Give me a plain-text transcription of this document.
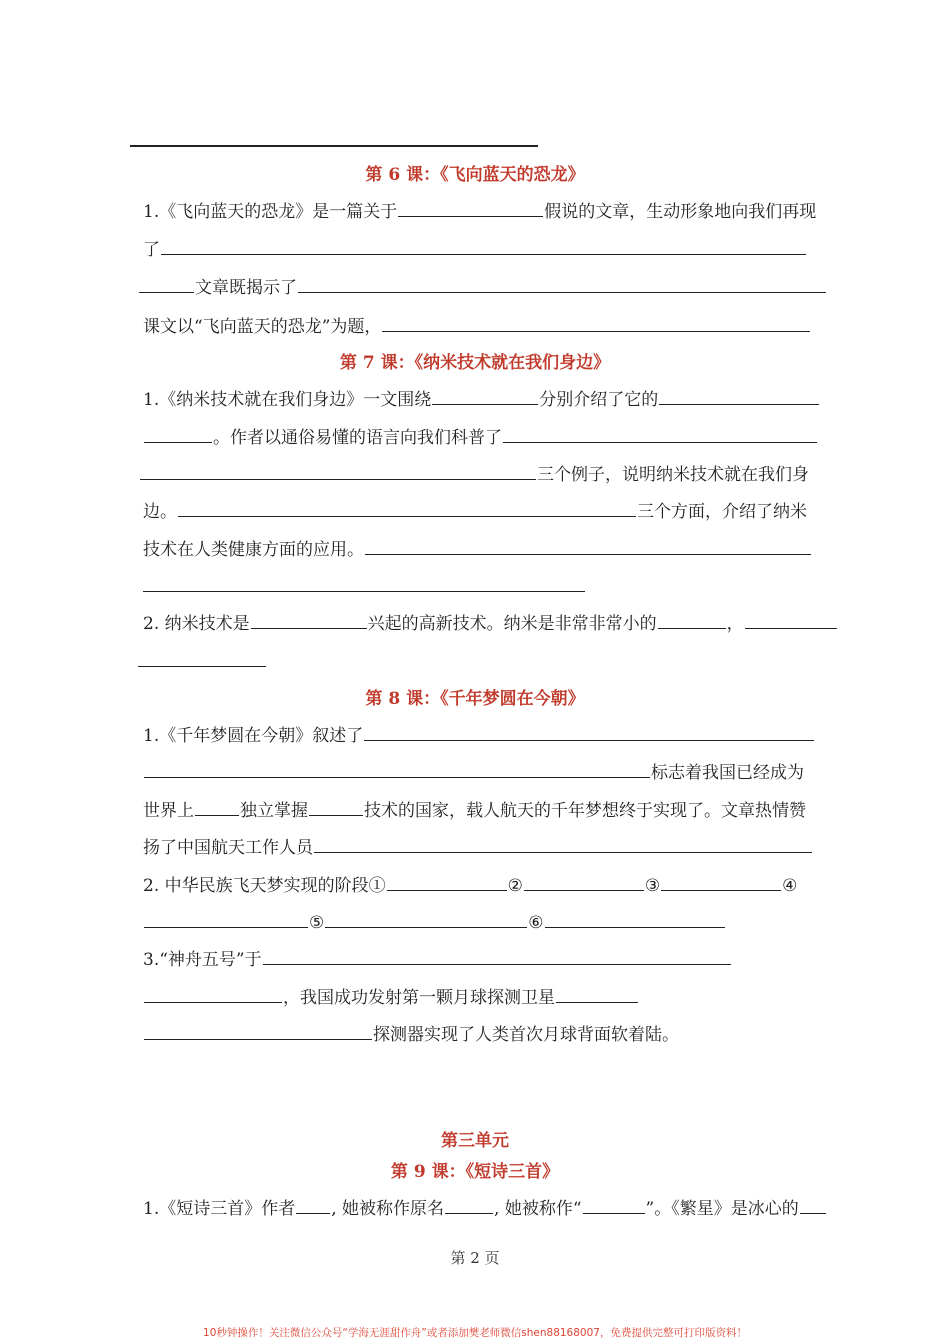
第 6 课：《飞向蓝天的恐龙》
1.《飞向蓝天的恐龙》是一篇关于	假说的文章，生动形象地向我们再现
了
文章既揭示了
课文以“飞向蓝天的恐龙”为题，
第 7 课：《纳米技术就在我们身边》
1.《纳米技术就在我们身边》一文围绕	分别介绍了它的
。作者以通俗易懂的语言向我们科普了
三个例子，说明纳米技术就在我们身
边。	三个方面，介绍了纳米
技术在人类健康方面的应用。
2. 纳米技术是	兴起的高新技术。纳米是非常非常小的	，
第 8 课：《千年梦圆在今朝》
1.《千年梦圆在今朝》叙述了
标志着我国已经成为
世界上	独立掌握	技术的国家，载人航天的千年梦想终于实现了。文章热情赞
扬了中国航天工作人员
2. 中华民族飞天梦实现的阶段①	②	③	④
⑤	⑥
3.“神舟五号”于
，我国成功发射第一颗月球探测卫星
探测器实现了人类首次月球背面软着陆。
第三单元
第 9 课：《短诗三首》
1.《短诗三首》作者 , 她被称作原名	, 她被称作“	”。《繁星》是冰心的
第 2 页
10秒钟操作！关注微信公众号“学海无涯甜作舟”或者添加樊老师微信shen88168007，免费提供完整可打印版资料！
